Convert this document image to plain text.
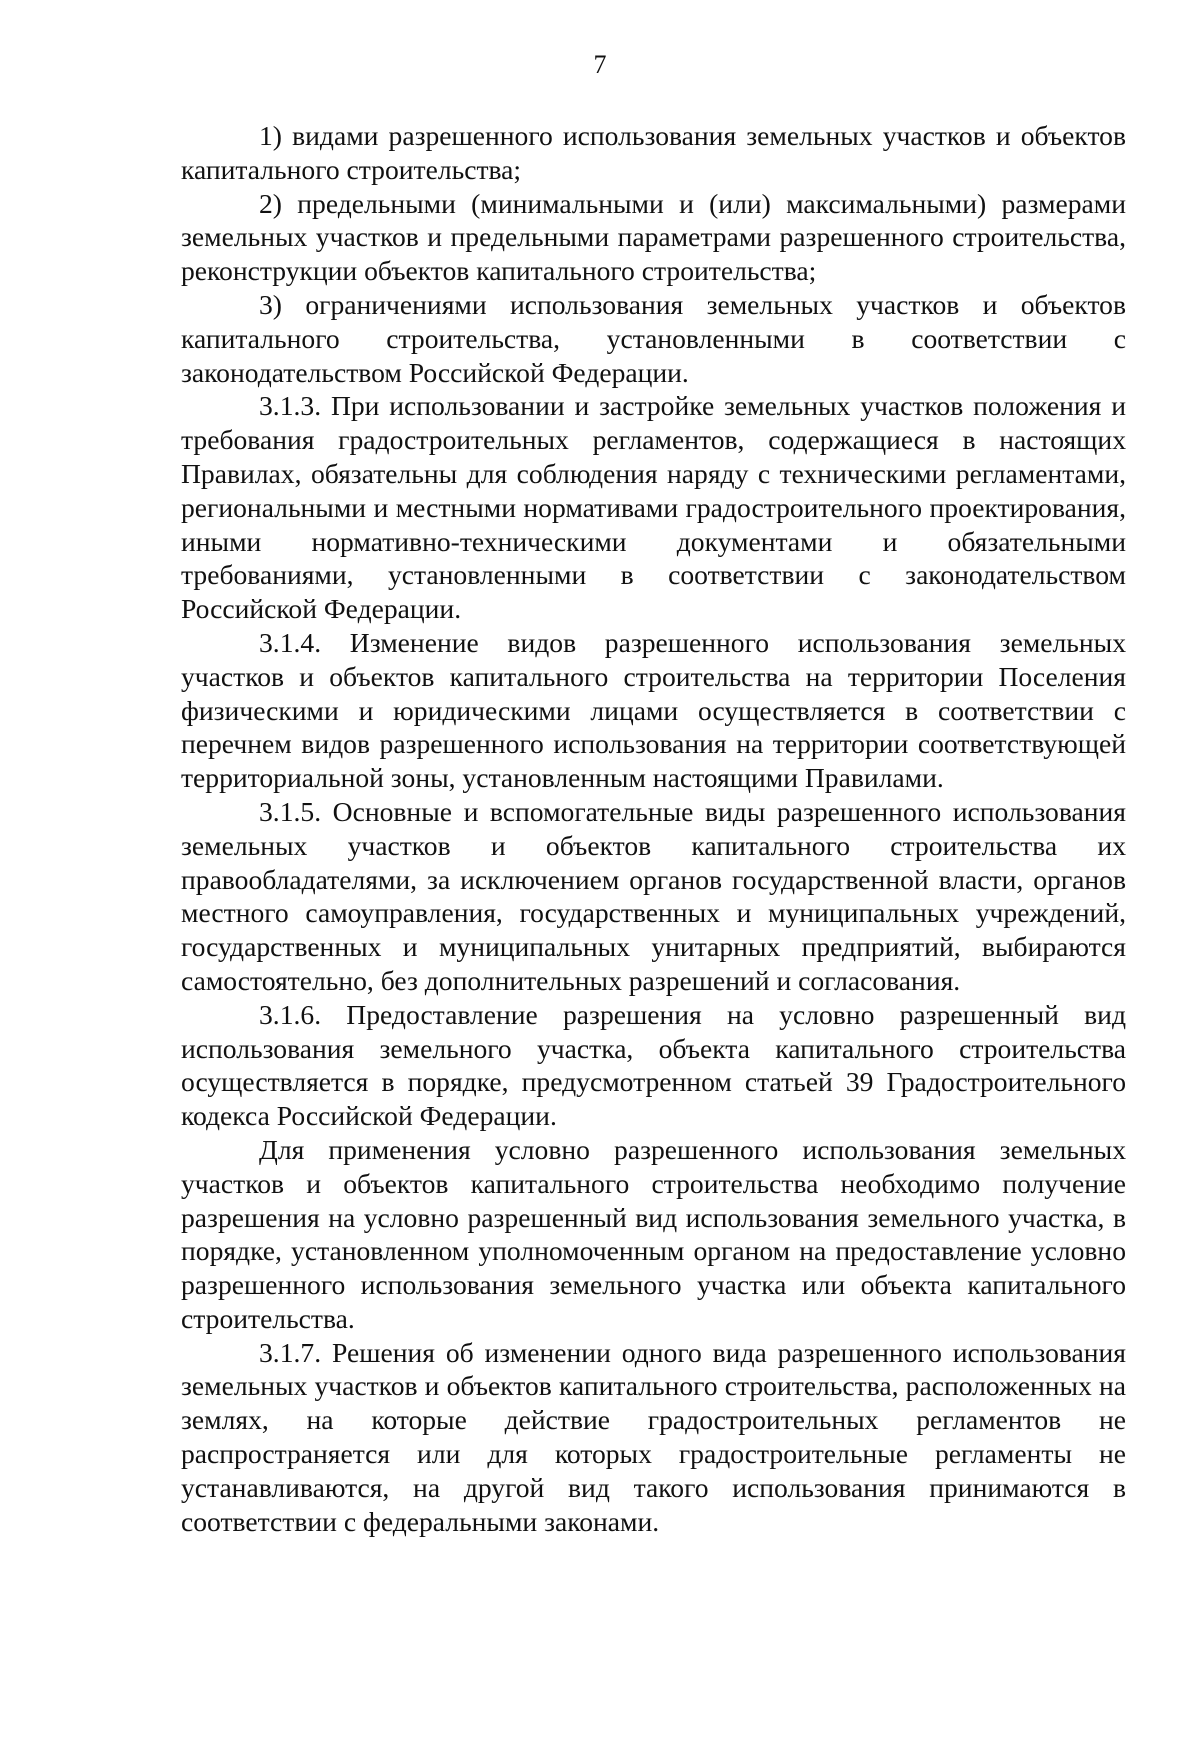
7

1) видами разрешенного использования земельных участков и объектов капитального строительства;

2) предельными (минимальными и (или) максимальными) размерами земельных участков и предельными параметрами разрешенного строительства, реконструкции объектов капитального строительства;

3) ограничениями использования земельных участков и объектов капитального строительства, установленными в соответствии с законодательством Российской Федерации.

3.1.3. При использовании и застройке земельных участков положения и требования градостроительных регламентов, содержащиеся в настоящих Правилах, обязательны для соблюдения наряду с техническими регламентами, региональными и местными нормативами градостроительного проектирования, иными нормативно-техническими документами и обязательными требованиями, установленными в соответствии с законодательством Российской Федерации.

3.1.4. Изменение видов разрешенного использования земельных участков и объектов капитального строительства на территории Поселения физическими и юридическими лицами осуществляется в соответствии с перечнем видов разрешенного использования на территории соответствующей территориальной зоны, установленным настоящими Правилами.

3.1.5. Основные и вспомогательные виды разрешенного использования земельных участков и объектов капитального строительства их правообладателями, за исключением органов государственной власти, органов местного самоуправления, государственных и муниципальных учреждений, государственных и муниципальных унитарных предприятий, выбираются самостоятельно, без дополнительных разрешений и согласования.

3.1.6. Предоставление разрешения на условно разрешенный вид использования земельного участка, объекта капитального строительства осуществляется в порядке, предусмотренном статьей 39 Градостроительного кодекса Российской Федерации.

Для применения условно разрешенного использования земельных участков и объектов капитального строительства необходимо получение разрешения на условно разрешенный вид использования земельного участка, в порядке, установленном уполномоченным органом на предоставление условно разрешенного использования земельного участка или объекта капитального строительства.

3.1.7. Решения об изменении одного вида разрешенного использования земельных участков и объектов капитального строительства, расположенных на землях, на которые действие градостроительных регламентов не распространяется или для которых градостроительные регламенты не устанавливаются, на другой вид такого использования принимаются в соответствии с федеральными законами.
